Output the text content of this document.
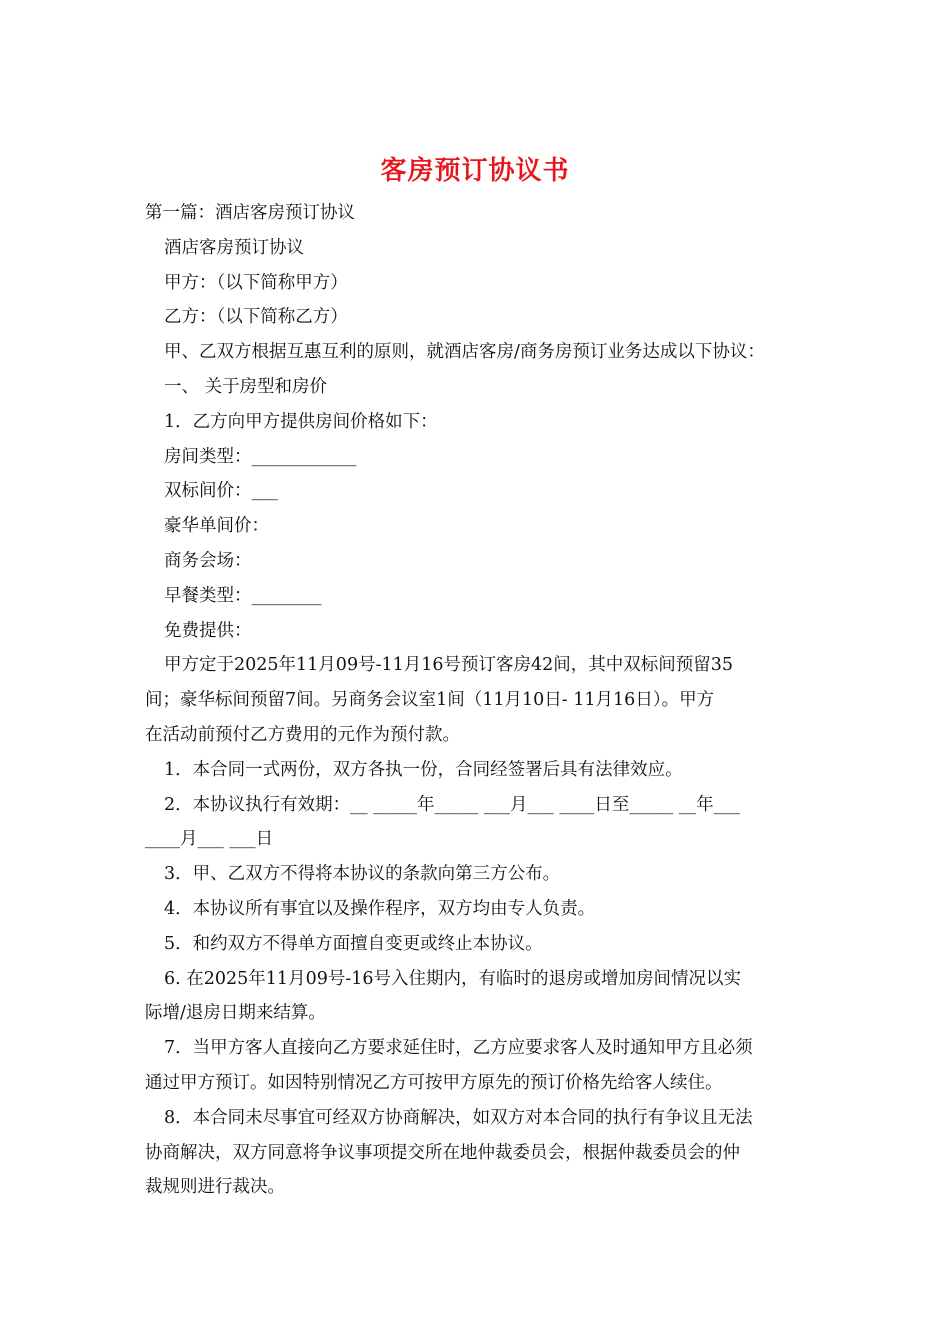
客房预订协议书
第一篇：酒店客房预订协议
酒店客房预订协议
甲方：（以下简称甲方）
乙方：（以下简称乙方）
甲、乙双方根据互惠互利的原则，就酒店客房/商务房预订业务达成以下协议：
一、 关于房型和房价
1．乙方向甲方提供房间价格如下：
房间类型：____________
双标间价：___
豪华单间价：
商务会场：
早餐类型：________
免费提供：
甲方定于2025年11月09号-11月16号预订客房42间，其中双标间预留35
间；豪华标间预留7间。另商务会议室1间（11月10日- 11月16日）。甲方
在活动前预付乙方费用的元作为预付款。
1．本合同一式两份，双方各执一份，合同经签署后具有法律效应。
2．本协议执行有效期：__ _____年_____ ___月___ ____日至_____ __年___
____月___ ___日
3．甲、乙双方不得将本协议的条款向第三方公布。
4．本协议所有事宜以及操作程序，双方均由专人负责。
5．和约双方不得单方面擅自变更或终止本协议。
6. 在2025年11月09号-16号入住期内，有临时的退房或增加房间情况以实
际增/退房日期来结算。
7．当甲方客人直接向乙方要求延住时，乙方应要求客人及时通知甲方且必须
通过甲方预订。如因特别情况乙方可按甲方原先的预订价格先给客人续住。
8．本合同未尽事宜可经双方协商解决，如双方对本合同的执行有争议且无法
协商解决，双方同意将争议事项提交所在地仲裁委员会，根据仲裁委员会的仲
裁规则进行裁决。
